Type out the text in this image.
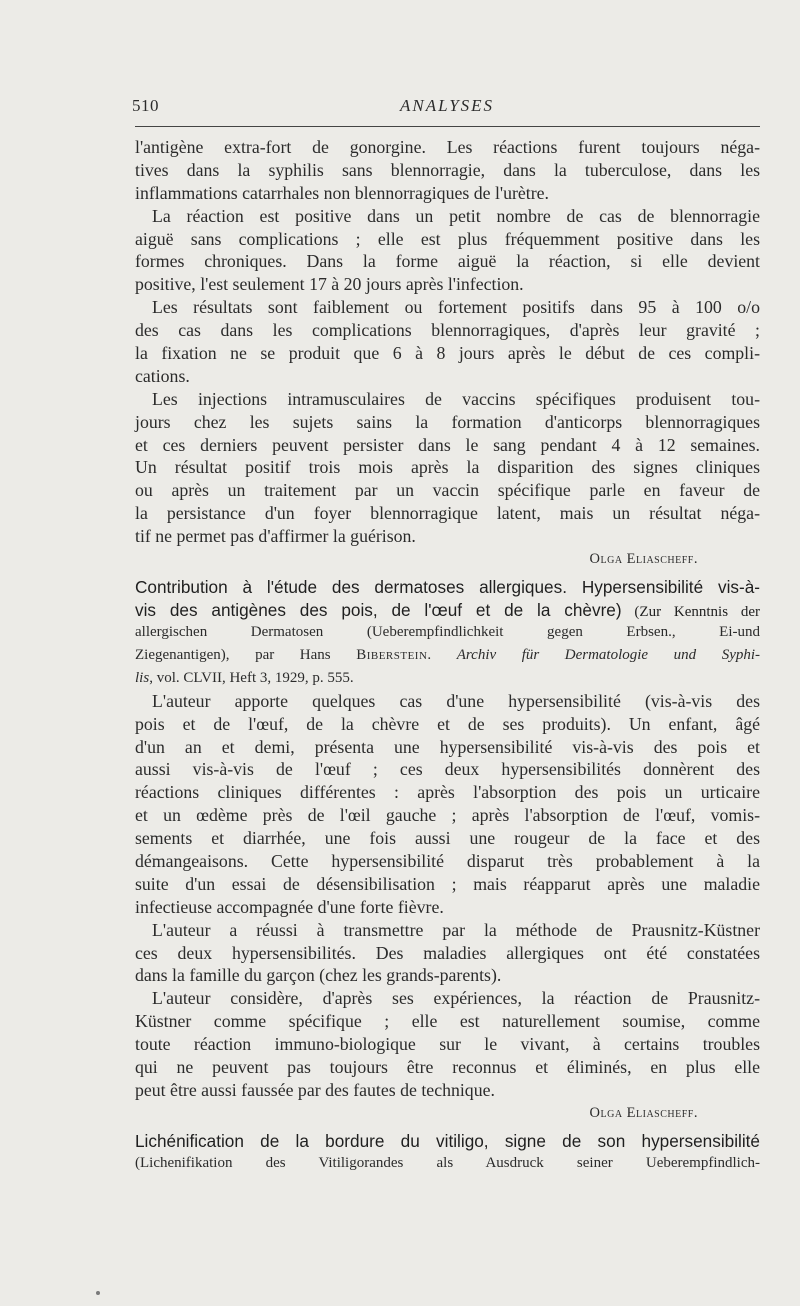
510	ANALYSES
l'antigène extra-fort de gonorgine. Les réactions furent toujours néga-
tives dans la syphilis sans blennorragie, dans la tuberculose, dans les
inflammations catarrhales non blennorragiques de l'urètre.
La réaction est positive dans un petit nombre de cas de blennorragie
aiguë sans complications ; elle est plus fréquemment positive dans les
formes chroniques. Dans la forme aiguë la réaction, si elle devient
positive, l'est seulement 17 à 20 jours après l'infection.
Les résultats sont faiblement ou fortement positifs dans 95 à 100 o/o
des cas dans les complications blennorragiques, d'après leur gravité ;
la fixation ne se produit que 6 à 8 jours après le début de ces compli-
cations.
Les injections intramusculaires de vaccins spécifiques produisent tou-
jours chez les sujets sains la formation d'anticorps blennorragiques
et ces derniers peuvent persister dans le sang pendant 4 à 12 semaines.
Un résultat positif trois mois après la disparition des signes cliniques
ou après un traitement par un vaccin spécifique parle en faveur de
la persistance d'un foyer blennorragique latent, mais un résultat néga-
tif ne permet pas d'affirmer la guérison.
Olga Eliascheff.
Contribution à l'étude des dermatoses allergiques. Hypersensibilité vis-à-
vis des antigènes des pois, de l'œuf et de la chèvre) (Zur Kenntnis der
allergischen Dermatosen (Ueberempfindlichkeit gegen Erbsen., Ei-und
Ziegenantigen), par Hans Biberstein. Archiv für Dermatologie und Syphi-
lis, vol. CLVII, Heft 3, 1929, p. 555.
L'auteur apporte quelques cas d'une hypersensibilité (vis-à-vis des
pois et de l'œuf, de la chèvre et de ses produits). Un enfant, âgé
d'un an et demi, présenta une hypersensibilité vis-à-vis des pois et
aussi vis-à-vis de l'œuf ; ces deux hypersensibilités donnèrent des
réactions cliniques différentes : après l'absorption des pois un urticaire
et un œdème près de l'œil gauche ; après l'absorption de l'œuf, vomis-
sements et diarrhée, une fois aussi une rougeur de la face et des
démangeaisons. Cette hypersensibilité disparut très probablement à la
suite d'un essai de désensibilisation ; mais réapparut après une maladie
infectieuse accompagnée d'une forte fièvre.
L'auteur a réussi à transmettre par la méthode de Prausnitz-Küstner
ces deux hypersensibilités. Des maladies allergiques ont été constatées
dans la famille du garçon (chez les grands-parents).
L'auteur considère, d'après ses expériences, la réaction de Prausnitz-
Küstner comme spécifique ; elle est naturellement soumise, comme
toute réaction immuno-biologique sur le vivant, à certains troubles
qui ne peuvent pas toujours être reconnus et éliminés, en plus elle
peut être aussi faussée par des fautes de technique.
Olga Eliascheff.
Lichénification de la bordure du vitiligo, signe de son hypersensibilité
(Lichenifikation des Vitiligorandes als Ausdruck seiner Ueberempfindlich-
